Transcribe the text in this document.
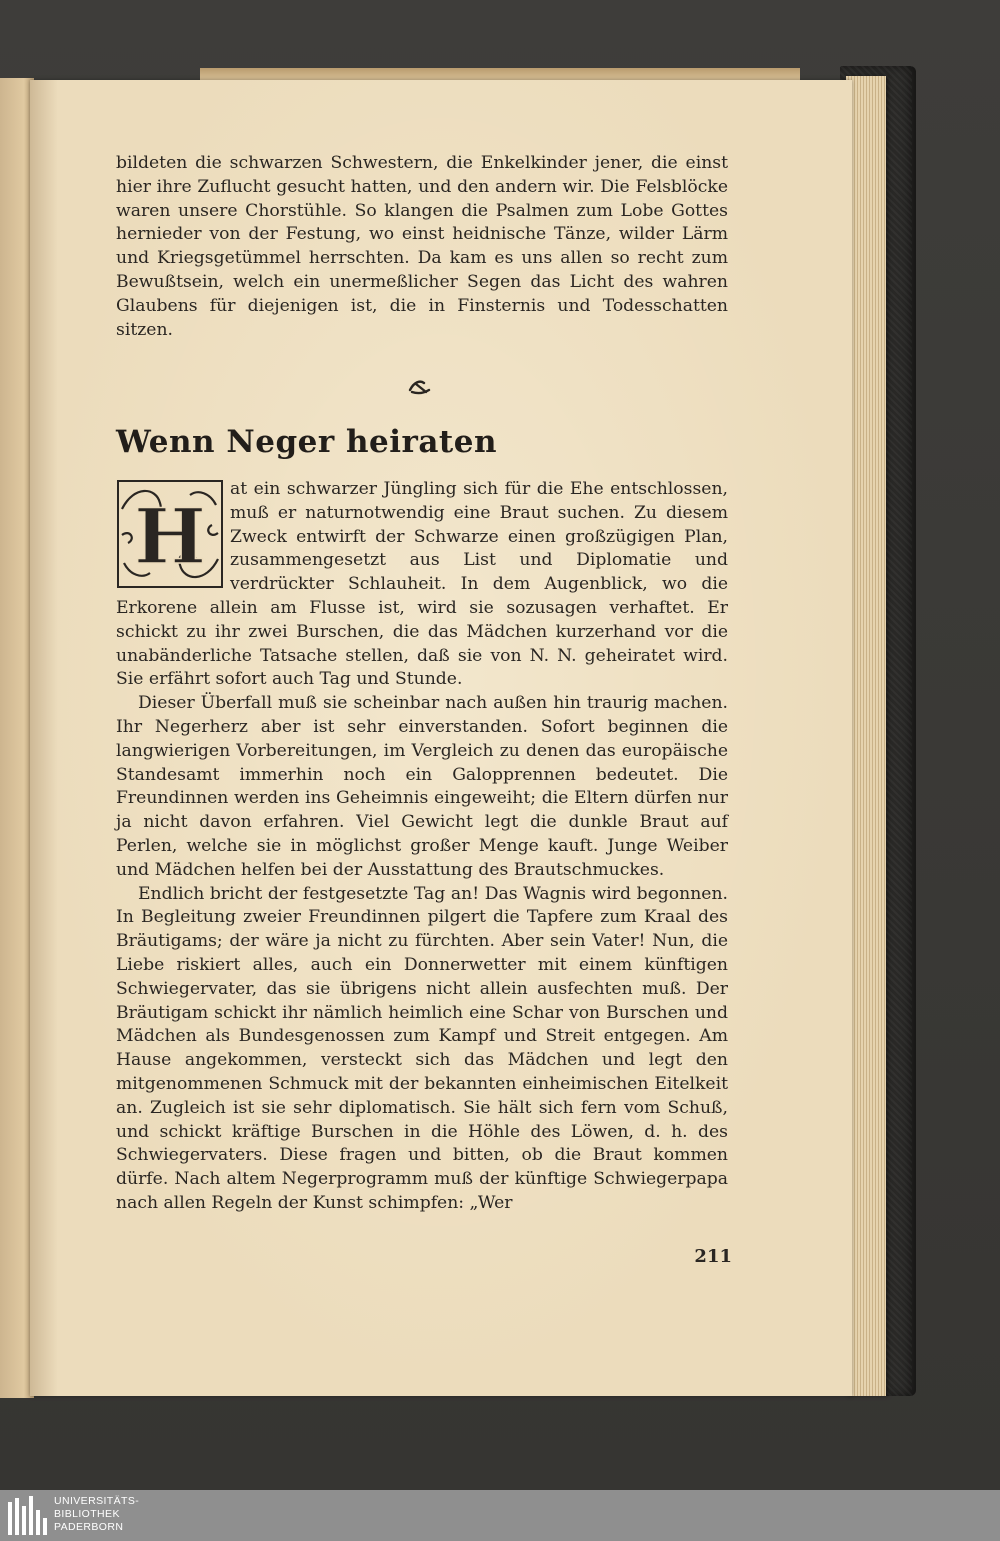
bildeten die schwarzen Schwestern, die Enkelkinder jener, die einst hier ihre Zuflucht gesucht hatten, und den andern wir. Die Felsblöcke waren unsere Chorstühle. So klangen die Psalmen zum Lobe Gottes hernieder von der Festung, wo einst heidnische Tänze, wilder Lärm und Kriegsgetümmel herrschten. Da kam es uns allen so recht zum Bewußtsein, welch ein unermeßlicher Segen das Licht des wahren Glaubens für diejenigen ist, die in Finsternis und Todesschatten sitzen.

Wenn Neger heiraten
H

at ein schwarzer Jüngling sich für die Ehe entschlossen, muß er naturnotwendig eine Braut suchen. Zu diesem Zweck entwirft der Schwarze einen großzügigen Plan, zusammengesetzt aus List und Diplomatie und verdrückter Schlauheit. In dem Augenblick, wo die Erkorene allein am Flusse ist, wird sie sozusagen verhaftet. Er schickt zu ihr zwei Burschen, die das Mädchen kurzerhand vor die unabänderliche Tatsache stellen, daß sie von N. N. geheiratet wird. Sie erfährt sofort auch Tag und Stunde.

Dieser Überfall muß sie scheinbar nach außen hin traurig machen. Ihr Negerherz aber ist sehr einverstanden. Sofort beginnen die langwierigen Vorbereitungen, im Vergleich zu denen das europäische Standesamt immerhin noch ein Galopprennen bedeutet. Die Freundinnen werden ins Geheimnis eingeweiht; die Eltern dürfen nur ja nicht davon erfahren. Viel Gewicht legt die dunkle Braut auf Perlen, welche sie in möglichst großer Menge kauft. Junge Weiber und Mädchen helfen bei der Ausstattung des Brautschmuckes.

Endlich bricht der festgesetzte Tag an! Das Wagnis wird begonnen. In Begleitung zweier Freundinnen pilgert die Tapfere zum Kraal des Bräutigams; der wäre ja nicht zu fürchten. Aber sein Vater! Nun, die Liebe riskiert alles, auch ein Donnerwetter mit einem künftigen Schwiegervater, das sie übrigens nicht allein ausfechten muß. Der Bräutigam schickt ihr nämlich heimlich eine Schar von Burschen und Mädchen als Bundesgenossen zum Kampf und Streit entgegen. Am Hause angekommen, versteckt sich das Mädchen und legt den mitgenommenen Schmuck mit der bekannten einheimischen Eitelkeit an. Zugleich ist sie sehr diplomatisch. Sie hält sich fern vom Schuß, und schickt kräftige Burschen in die Höhle des Löwen, d. h. des Schwiegervaters. Diese fragen und bitten, ob die Braut kommen dürfe. Nach altem Negerprogramm muß der künftige Schwiegerpapa nach allen Regeln der Kunst schimpfen: „Wer

211
UNIVERSITÄTS-
BIBLIOTHEK
PADERBORN
